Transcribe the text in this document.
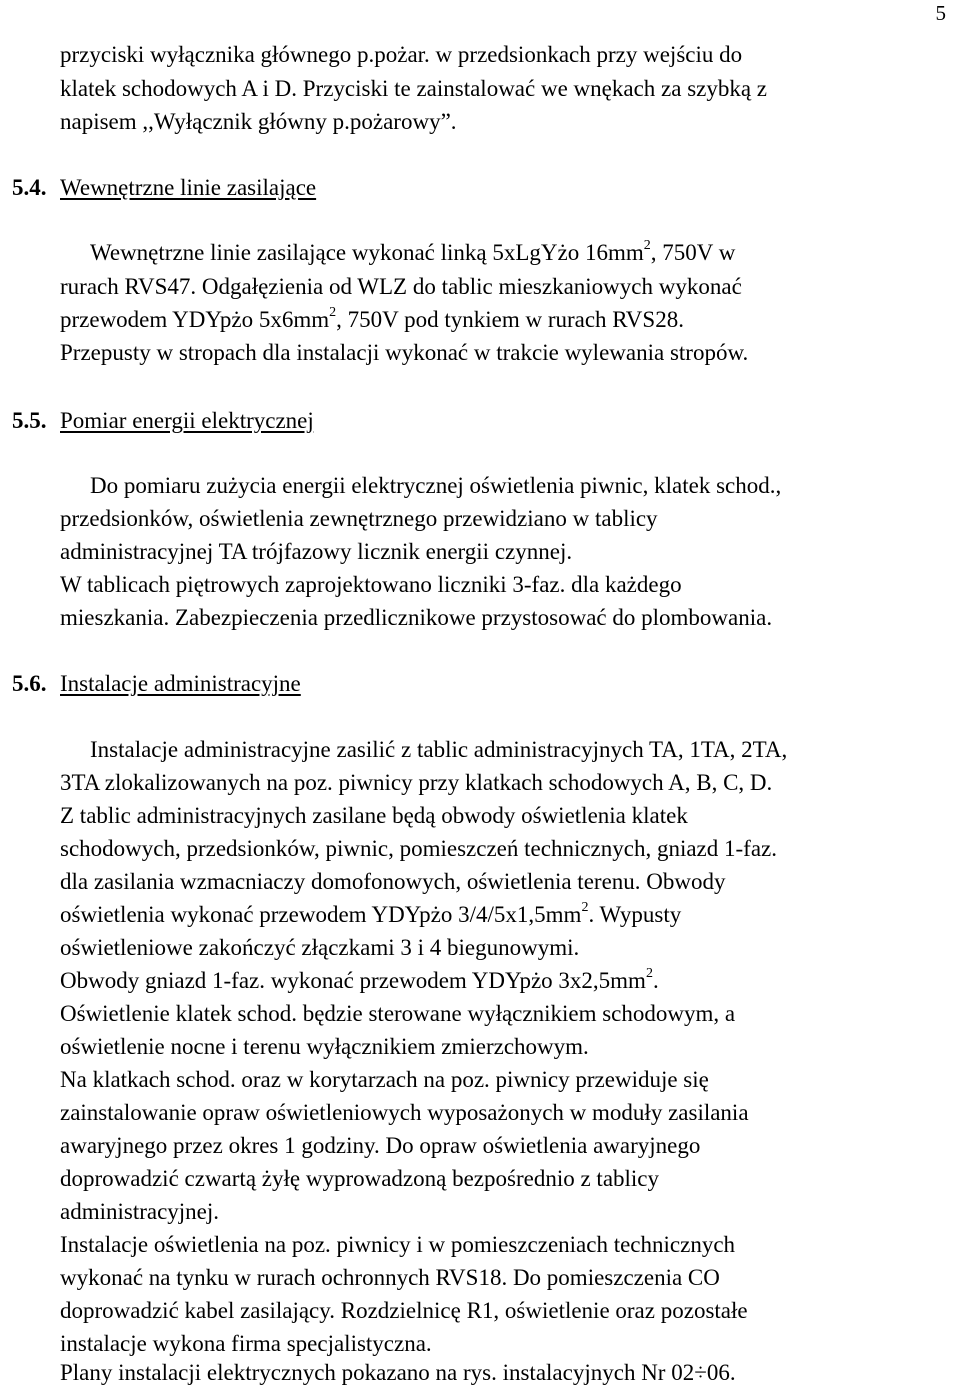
5
przyciski wyłącznika głównego p.pożar. w przedsionkach przy wejściu do
klatek schodowych A i D. Przyciski te zainstalować we wnękach za szybką z
napisem ,,Wyłącznik główny p.pożarowy”.
5.4. Wewnętrzne linie zasilające
Wewnętrzne linie zasilające wykonać linką 5xLgYżo $16mm^2$, 750V w
rurach RVS47. Odgałęzienia od WLZ do tablic mieszkaniowych wykonać
przewodem YDYpżo $5x6mm^2$, 750V pod tynkiem w rurach RVS28.
Przepusty w stropach dla instalacji wykonać w trakcie wylewania stropów.
5.5. Pomiar energii elektrycznej
Do pomiaru zużycia energii elektrycznej oświetlenia piwnic, klatek schod.,
przedsionków, oświetlenia zewnętrznego przewidziano w tablicy
administracyjnej TA trójfazowy licznik energii czynnej.
W tablicach piętrowych zaprojektowano liczniki 3-faz. dla każdego
mieszkania. Zabezpieczenia przedlicznikowe przystosować do plombowania.
5.6. Instalacje administracyjne
Instalacje administracyjne zasilić z tablic administracyjnych TA, 1TA, 2TA,
3TA zlokalizowanych na poz. piwnicy przy klatkach schodowych A, B, C, D.
Z tablic administracyjnych zasilane będą obwody oświetlenia klatek
schodowych, przedsionków, piwnic, pomieszczeń technicznych, gniazd 1-faz.
dla zasilania wzmacniaczy domofonowych, oświetlenia terenu. Obwody
oświetlenia wykonać przewodem YDYpżo $3/4/5x1,5mm^2$. Wypusty
oświetleniowe zakończyć złączkami 3 i 4 biegunowymi.
Obwody gniazd 1-faz. wykonać przewodem YDYpżo $3x2,5mm^2$.
Oświetlenie klatek schod. będzie sterowane wyłącznikiem schodowym, a
oświetlenie nocne i terenu wyłącznikiem zmierzchowym.
Na klatkach schod. oraz w korytarzach na poz. piwnicy przewiduje się
zainstalowanie opraw oświetleniowych wyposażonych w moduły zasilania
awaryjnego przez okres 1 godziny. Do opraw oświetlenia awaryjnego
doprowadzić czwartą żyłę wyprowadzoną bezpośrednio z tablicy
administracyjnej.
Instalacje oświetlenia na poz. piwnicy i w pomieszczeniach technicznych
wykonać na tynku w rurach ochronnych RVS18. Do pomieszczenia CO
doprowadzić kabel zasilający. Rozdzielnicę R1, oświetlenie oraz pozostałe
instalacje wykona firma specjalistyczna.
Plany instalacji elektrycznych pokazano na rys. instalacyjnych Nr 02÷06.
